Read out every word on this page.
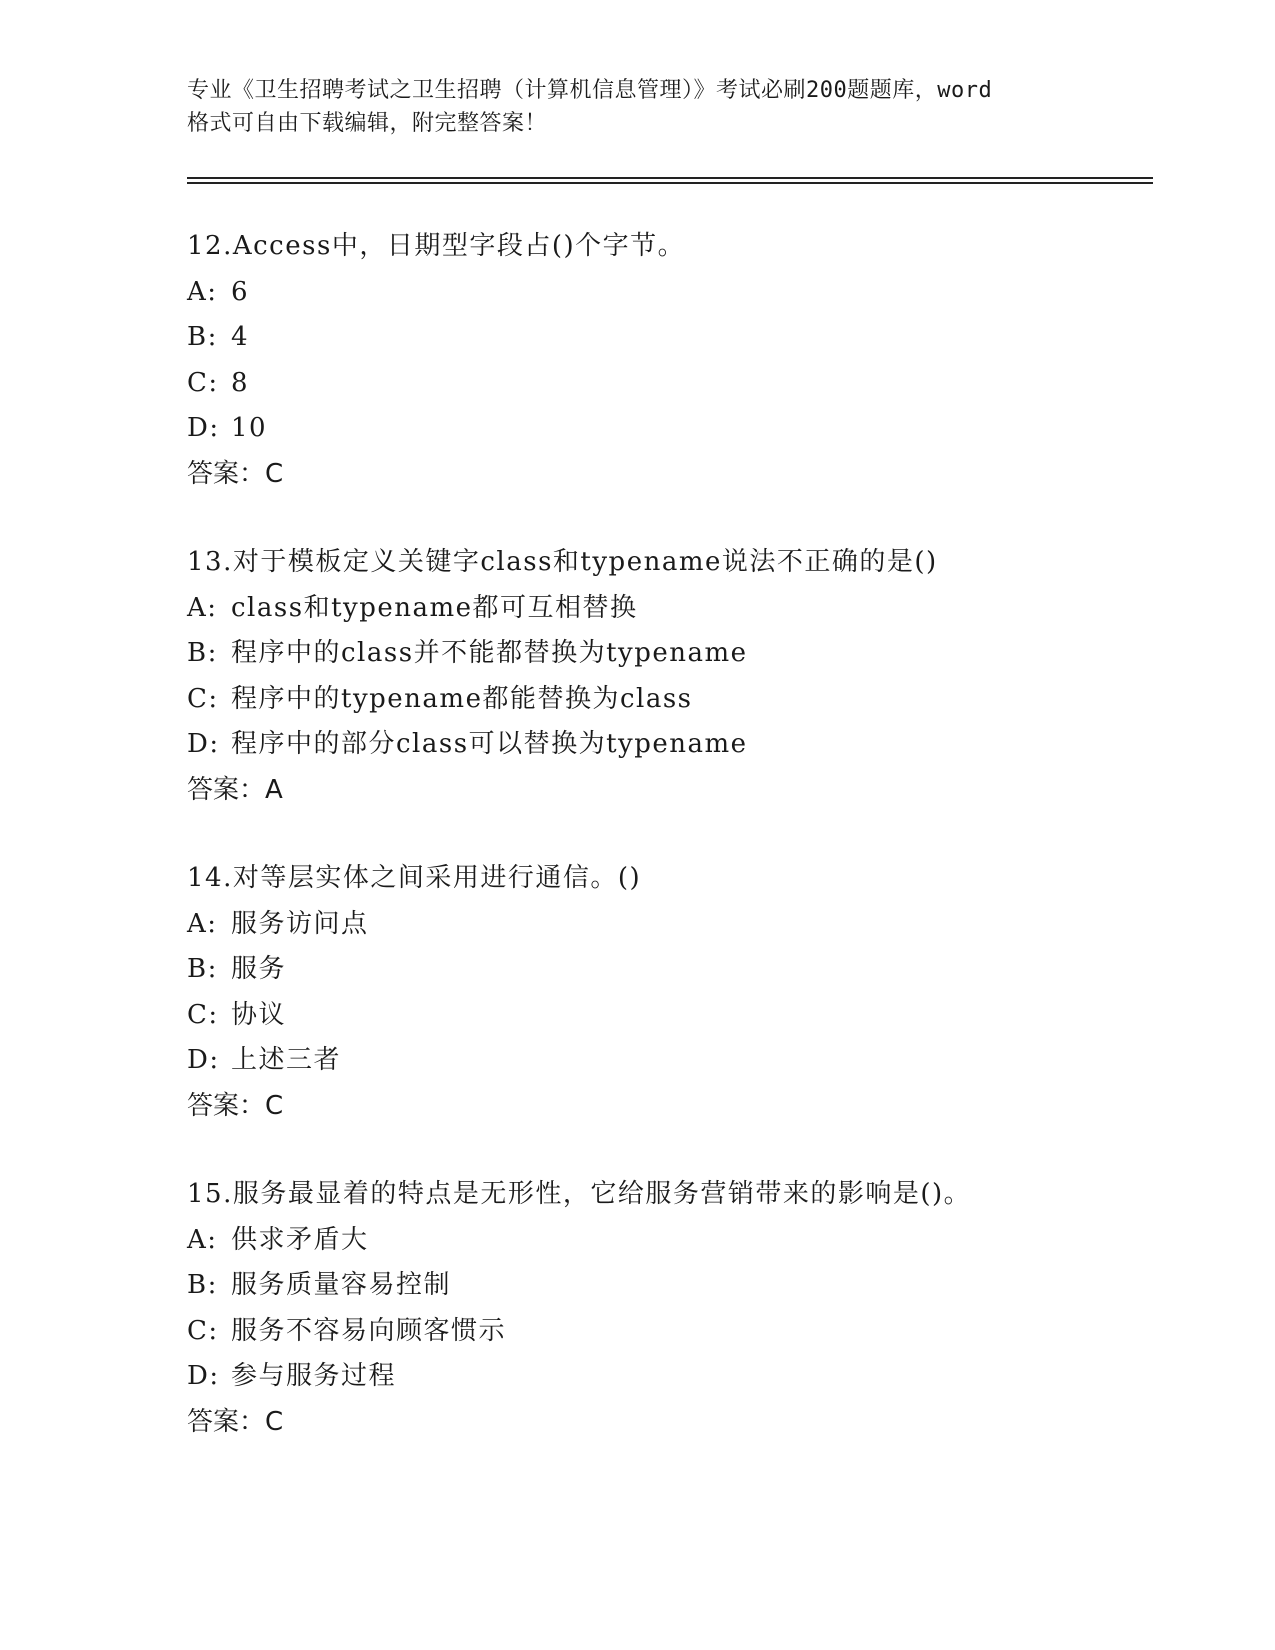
专业《卫生招聘考试之卫生招聘（计算机信息管理）》考试必刷200题题库，word
格式可自由下载编辑，附完整答案！
12.Access中，日期型字段占()个字节。
A: 6
B: 4
C: 8
D: 10
答案：C
13.对于模板定义关键字class和typename说法不正确的是()
A: class和typename都可互相替换
B: 程序中的class并不能都替换为typename
C: 程序中的typename都能替换为class
D: 程序中的部分class可以替换为typename
答案：A
14.对等层实体之间采用进行通信。()
A: 服务访问点
B: 服务
C: 协议
D: 上述三者
答案：C
15.服务最显着的特点是无形性，它给服务营销带来的影响是()。
A: 供求矛盾大
B: 服务质量容易控制
C: 服务不容易向顾客惯示
D: 参与服务过程
答案：C
